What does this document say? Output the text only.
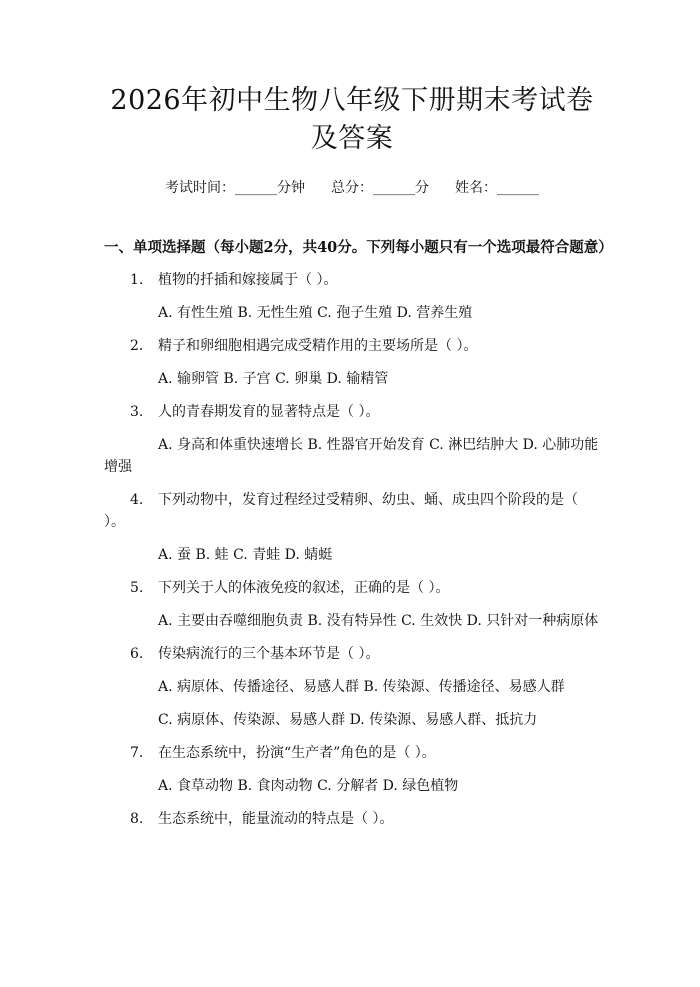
2026年初中生物八年级下册期末考试卷及答案
考试时间：______分钟 总分：______分 姓名：______
一、单项选择题（每小题2分，共40分。下列每小题只有一个选项最符合题意）
1. 植物的扦插和嫁接属于（ ）。
A. 有性生殖 B. 无性生殖 C. 孢子生殖 D. 营养生殖
2. 精子和卵细胞相遇完成受精作用的主要场所是（ ）。
A. 输卵管 B. 子宫 C. 卵巢 D. 输精管
3. 人的青春期发育的显著特点是（ ）。
A. 身高和体重快速增长 B. 性器官开始发育 C. 淋巴结肿大 D. 心肺功能增强
4. 下列动物中，发育过程经过受精卵、幼虫、蛹、成虫四个阶段的是（ ）。
A. 蚕 B. 蛙 C. 青蛙 D. 蜻蜓
5. 下列关于人的体液免疫的叙述，正确的是（ ）。
A. 主要由吞噬细胞负责 B. 没有特异性 C. 生效快 D. 只针对一种病原体
6. 传染病流行的三个基本环节是（ ）。
A. 病原体、传播途径、易感人群 B. 传染源、传播途径、易感人群
C. 病原体、传染源、易感人群 D. 传染源、易感人群、抵抗力
7. 在生态系统中，扮演“生产者”角色的是（ ）。
A. 食草动物 B. 食肉动物 C. 分解者 D. 绿色植物
8. 生态系统中，能量流动的特点是（ ）。
